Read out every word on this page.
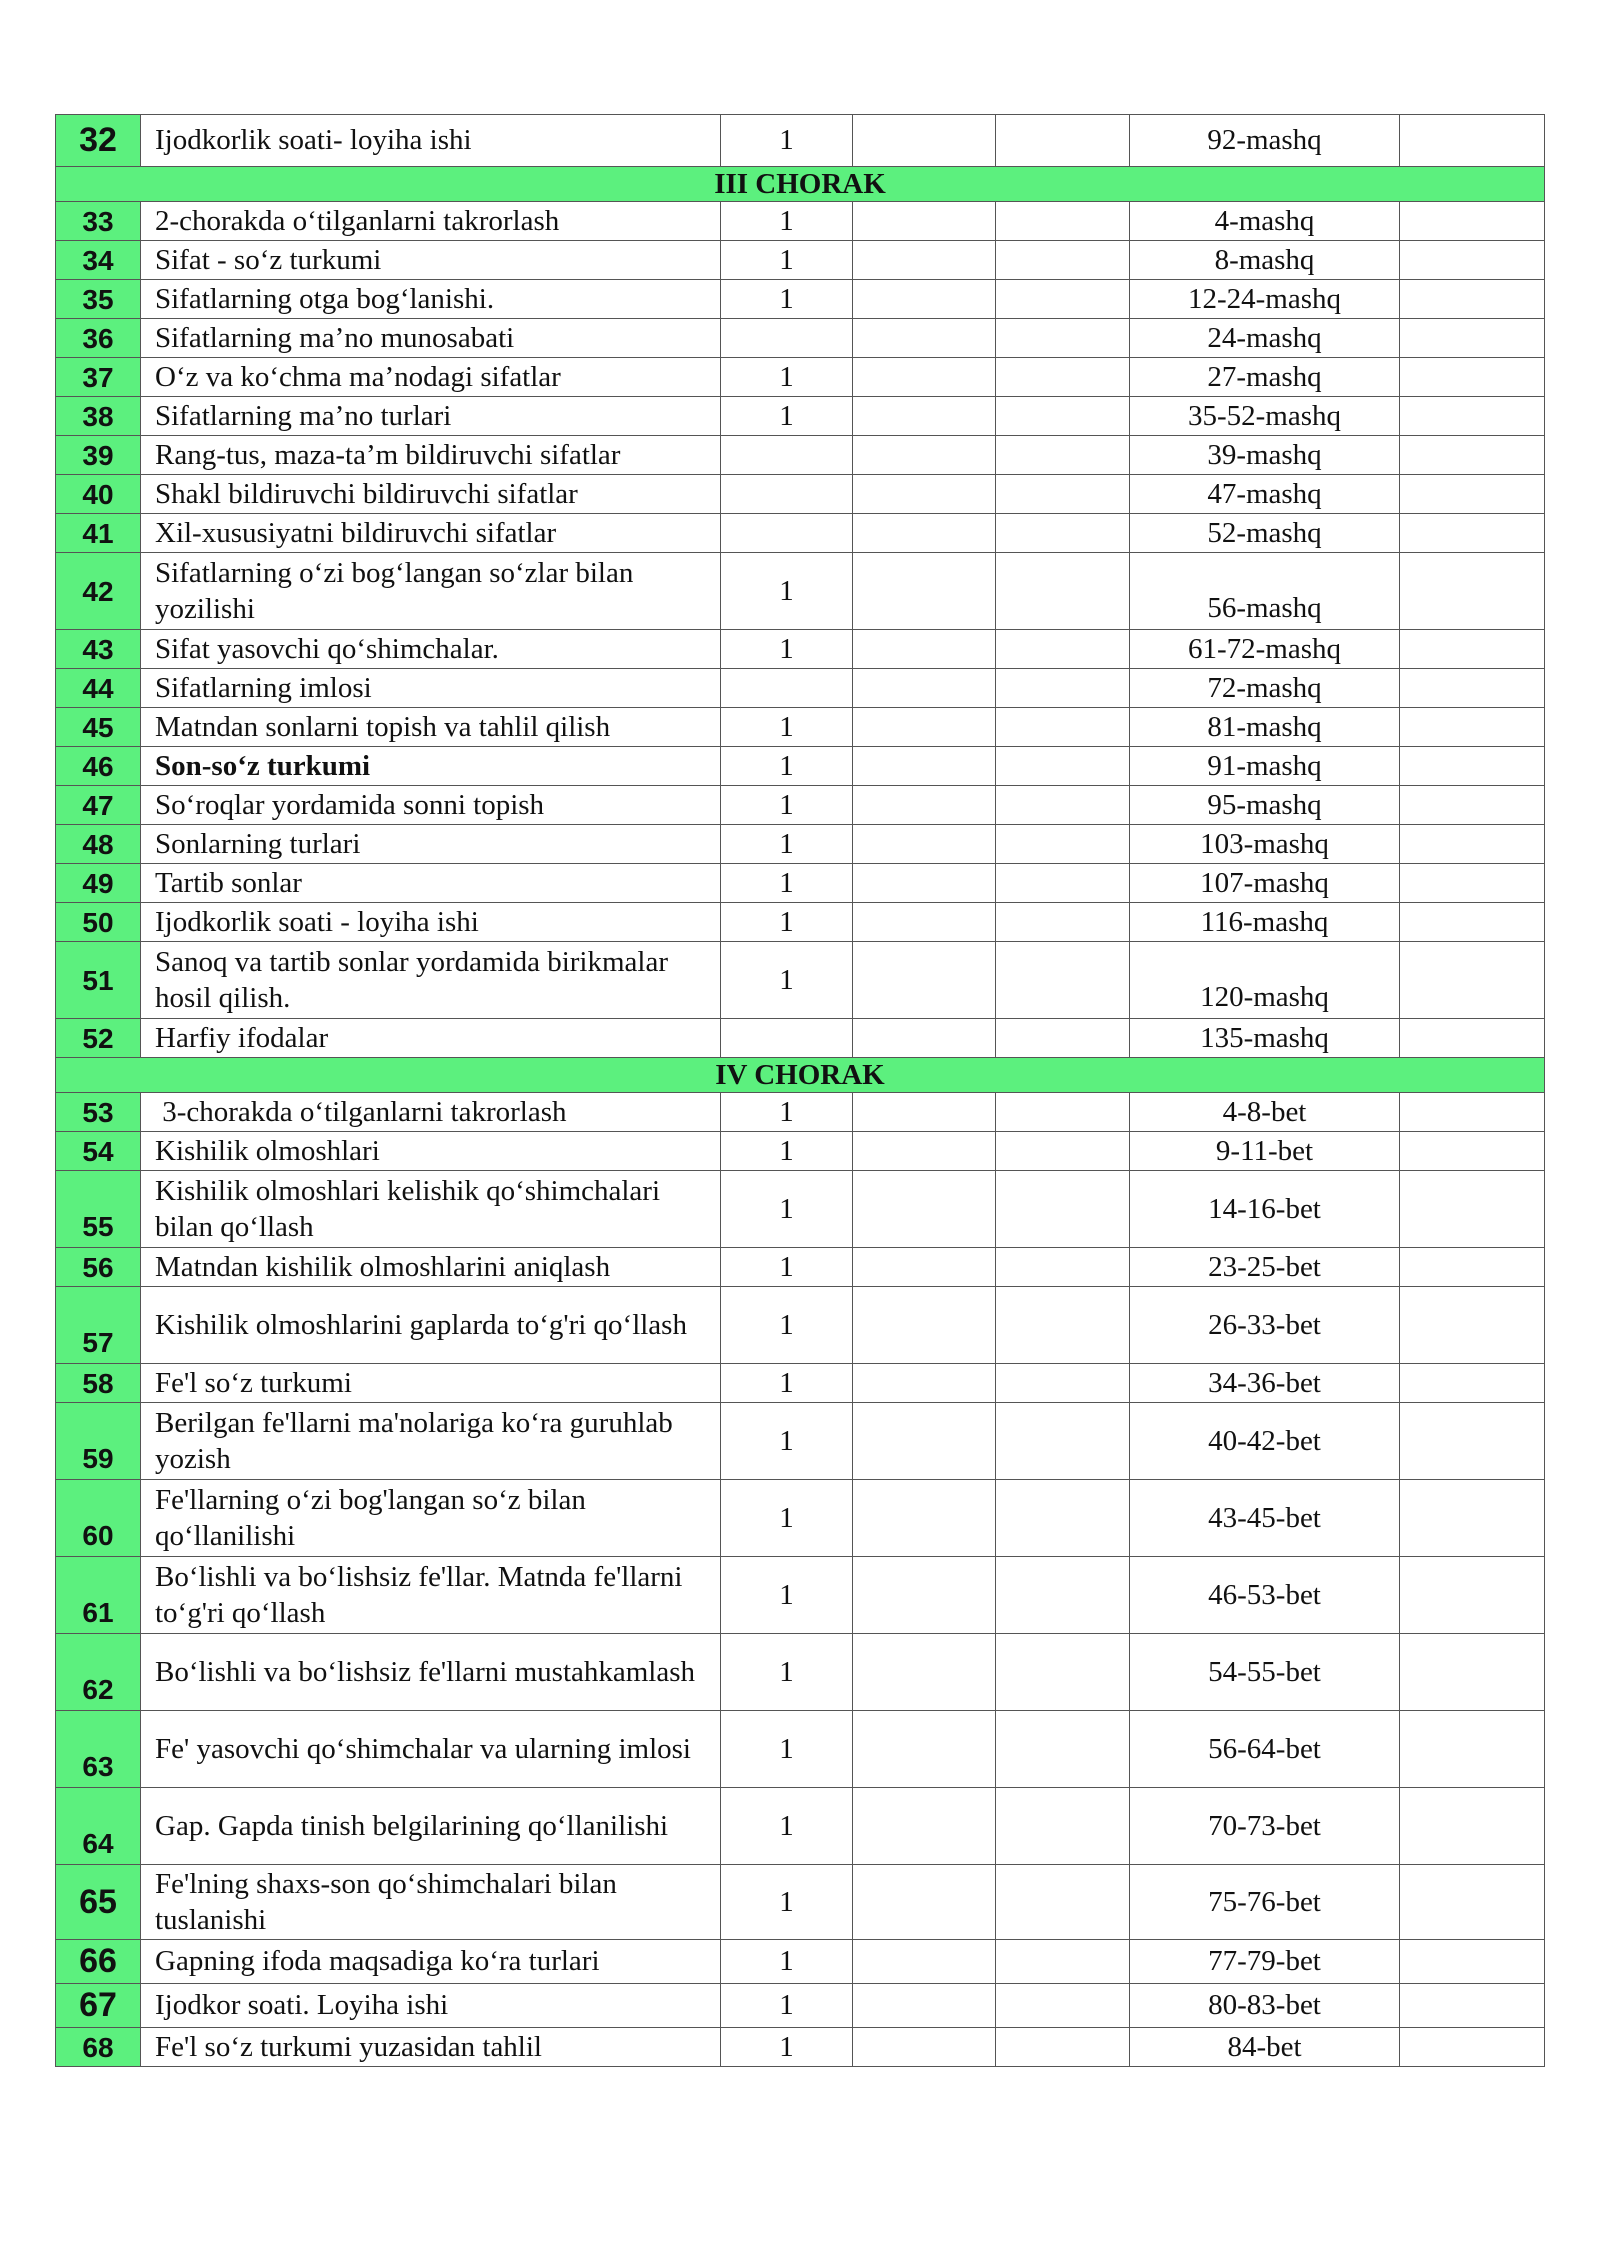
32	Ijodkorlik soati- loyiha ishi	1			92-mashq	
III CHORAK						
33	2-chorakda o‘tilganlarni takrorlash	1			4-mashq	
34	Sifat - so‘z turkumi	1			8-mashq	
35	Sifatlarning otga bog‘lanishi.	1			12-24-mashq	
36	Sifatlarning ma’no munosabati				24-mashq	
37	O‘z va ko‘chma ma’nodagi sifatlar	1			27-mashq	
38	Sifatlarning ma’no turlari	1			35-52-mashq	
39	Rang-tus, maza-ta’m bildiruvchi sifatlar				39-mashq	
40	Shakl bildiruvchi bildiruvchi sifatlar				47-mashq	
41	Xil-xususiyatni bildiruvchi sifatlar				52-mashq	
42	Sifatlarning o‘zi bog‘langan so‘zlar bilan yozilishi	1			56-mashq	
43	Sifat yasovchi qo‘shimchalar.	1			61-72-mashq	
44	Sifatlarning imlosi				72-mashq	
45	Matndan sonlarni topish va tahlil qilish	1			81-mashq	
46	Son-so‘z turkumi	1			91-mashq	
47	So‘roqlar yordamida sonni topish	1			95-mashq	
48	Sonlarning turlari	1			103-mashq	
49	Tartib sonlar	1			107-mashq	
50	Ijodkorlik soati - loyiha ishi	1			116-mashq	
51	Sanoq va tartib sonlar yordamida birikmalar hosil qilish.	1			120-mashq	
52	Harfiy ifodalar				135-mashq	
IV CHORAK						
53	3-chorakda o‘tilganlarni takrorlash	1			4-8-bet	
54	Kishilik olmoshlari	1			9-11-bet	
55	Kishilik olmoshlari kelishik qo‘shimchalari bilan qo‘llash	1			14-16-bet	
56	Matndan kishilik olmoshlarini aniqlash	1			23-25-bet	
57	Kishilik olmoshlarini gaplarda to‘g'ri qo‘llash	1			26-33-bet	
58	Fe'l so‘z turkumi	1			34-36-bet	
59	Berilgan fe'llarni ma'nolariga ko‘ra guruhlab yozish	1			40-42-bet	
60	Fe'llarning o‘zi bog'langan so‘z bilan qo‘llanilishi	1			43-45-bet	
61	Bo‘lishli va bo‘lishsiz fe'llar. Matnda fe'llarni to‘g'ri qo‘llash	1			46-53-bet	
62	Bo‘lishli va bo‘lishsiz fe'llarni mustahkamlash	1			54-55-bet	
63	Fe' yasovchi qo‘shimchalar va ularning imlosi	1			56-64-bet	
64	Gap. Gapda tinish belgilarining qo‘llanilishi	1			70-73-bet	
65	Fe'lning shaxs-son qo‘shimchalari bilan tuslanishi	1			75-76-bet	
66	Gapning ifoda maqsadiga ko‘ra turlari	1			77-79-bet	
67	Ijodkor soati. Loyiha ishi	1			80-83-bet	
68	Fe'l so‘z turkumi yuzasidan tahlil	1			84-bet	
